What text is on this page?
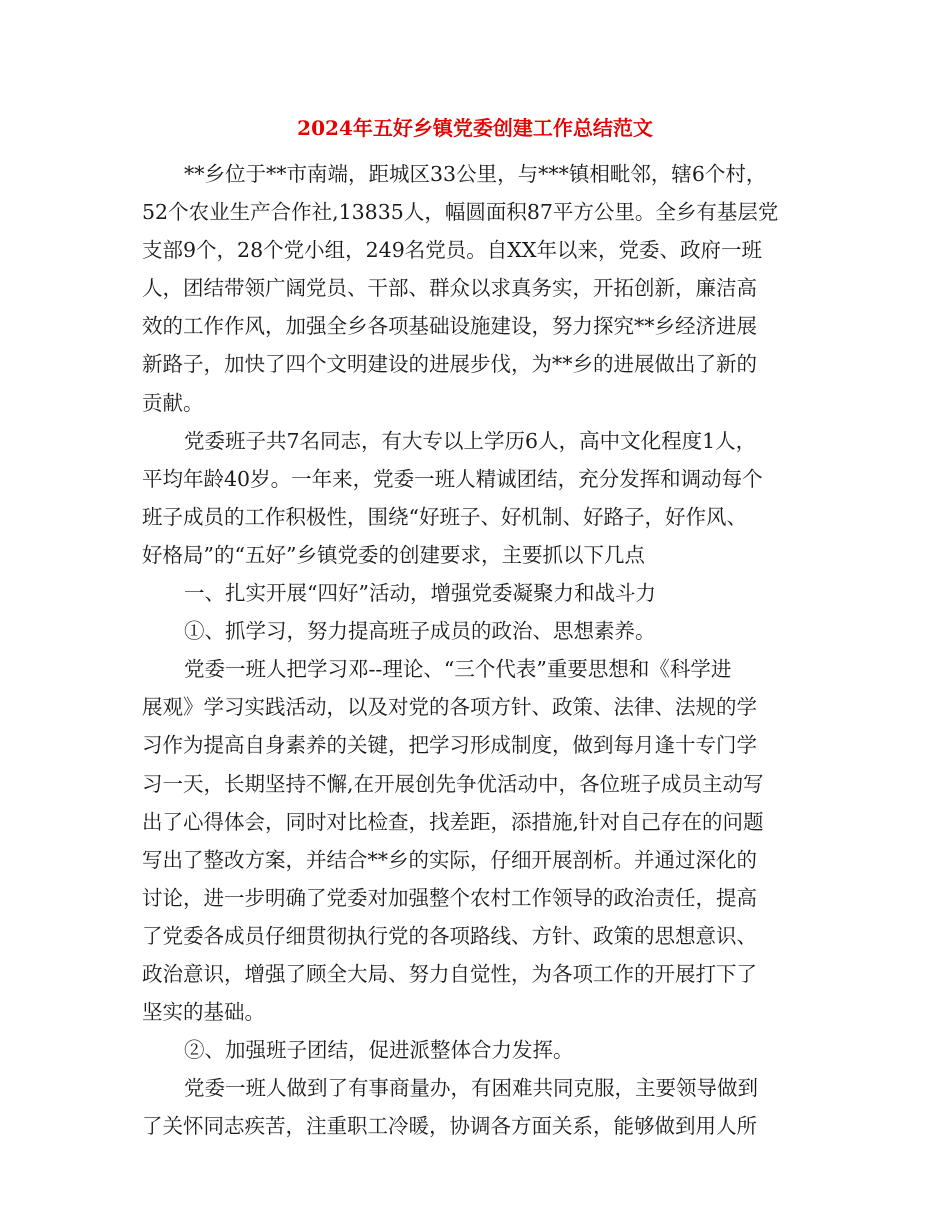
2024年五好乡镇党委创建工作总结范文
**乡位于**市南端，距城区33公里，与***镇相毗邻，辖6个村，
52个农业生产合作社,13835人，幅圆面积87平方公里。全乡有基层党
支部9个，28个党小组，249名党员。自XX年以来，党委、政府一班
人，团结带领广阔党员、干部、群众以求真务实，开拓创新，廉洁高
效的工作作风，加强全乡各项基础设施建设，努力探究**乡经济进展
新路子，加快了四个文明建设的进展步伐，为**乡的进展做出了新的
贡献。
党委班子共7名同志，有大专以上学历6人，高中文化程度1人，
平均年龄40岁。一年来，党委一班人精诚团结，充分发挥和调动每个
班子成员的工作积极性，围绕“好班子、好机制、好路子，好作风、
好格局”的“五好”乡镇党委的创建要求，主要抓以下几点
一、扎实开展“四好”活动，增强党委凝聚力和战斗力
①、抓学习，努力提高班子成员的政治、思想素养。
党委一班人把学习邓--理论、“三个代表”重要思想和《科学进
展观》学习实践活动，以及对党的各项方针、政策、法律、法规的学
习作为提高自身素养的关键，把学习形成制度，做到每月逢十专门学
习一天，长期坚持不懈,在开展创先争优活动中，各位班子成员主动写
出了心得体会，同时对比检查，找差距，添措施,针对自己存在的问题
写出了整改方案，并结合**乡的实际，仔细开展剖析。并通过深化的
讨论，进一步明确了党委对加强整个农村工作领导的政治责任，提高
了党委各成员仔细贯彻执行党的各项路线、方针、政策的思想意识、
政治意识，增强了顾全大局、努力自觉性，为各项工作的开展打下了
坚实的基础。
②、加强班子团结，促进派整体合力发挥。
党委一班人做到了有事商量办，有困难共同克服，主要领导做到
了关怀同志疾苦，注重职工冷暖，协调各方面关系，能够做到用人所
